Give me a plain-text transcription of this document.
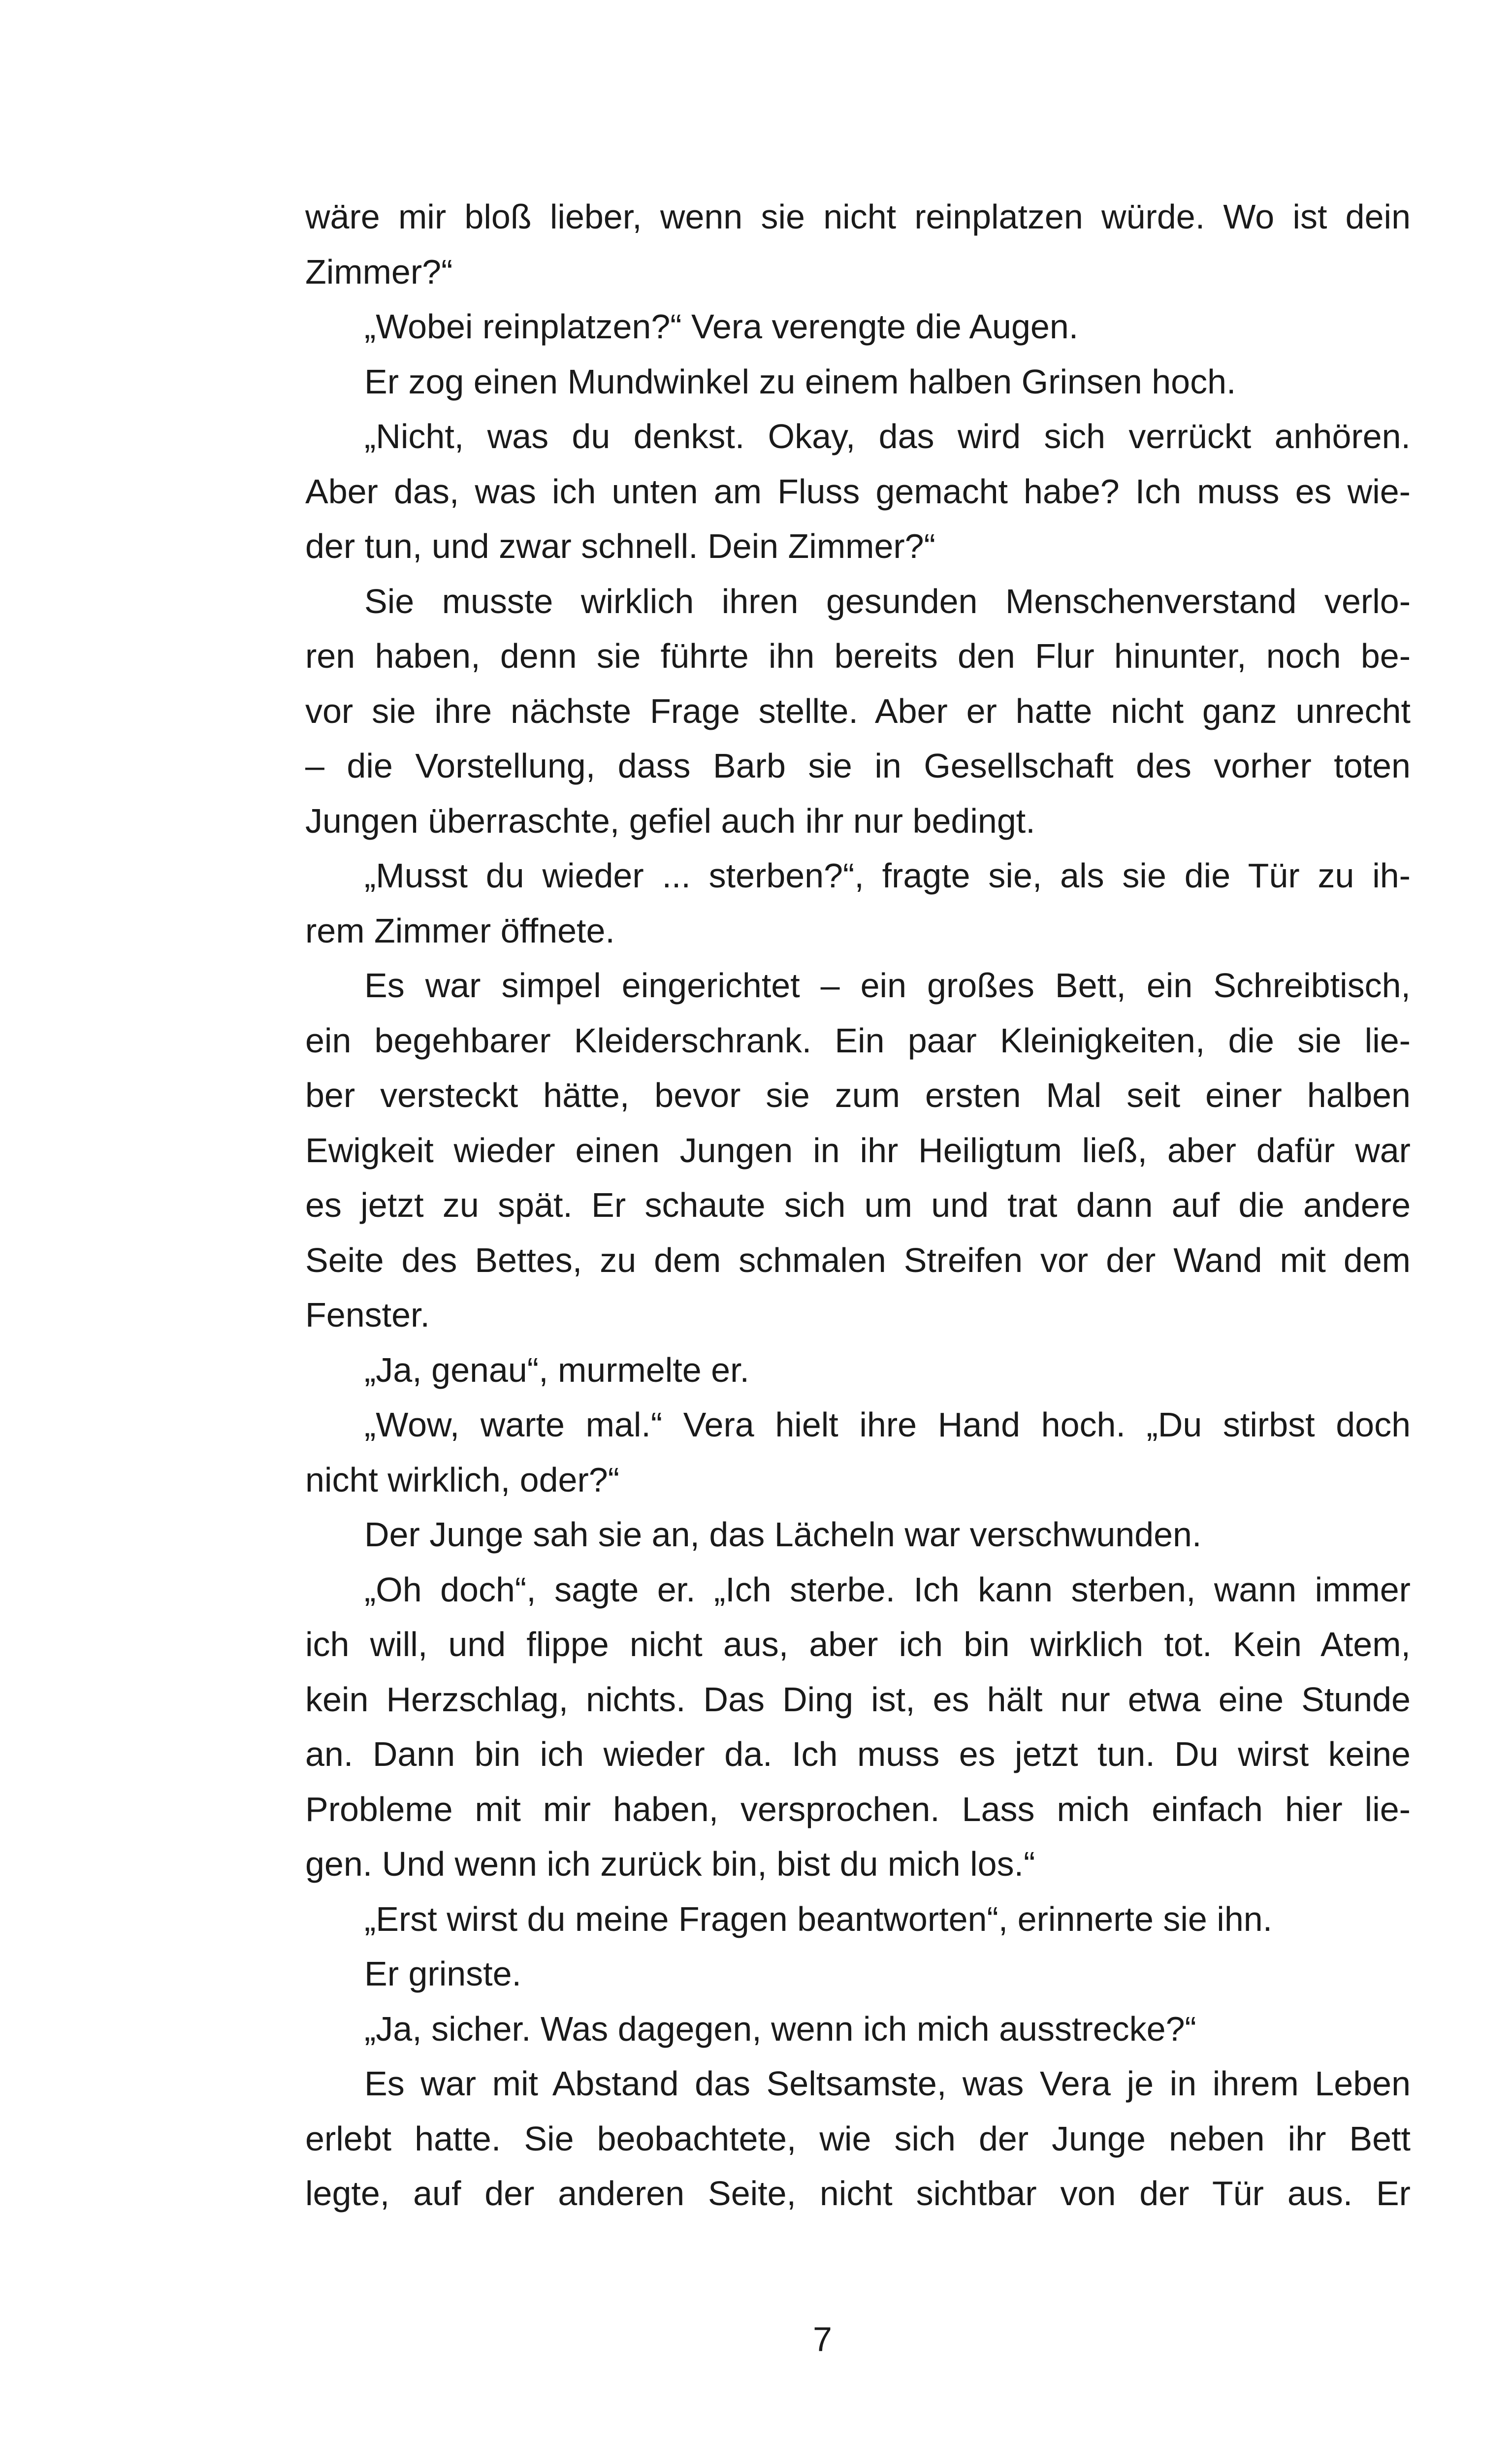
wäre mir bloß lieber, wenn sie nicht reinplatzen würde. Wo ist dein
Zimmer?“
„Wobei reinplatzen?“ Vera verengte die Augen.
Er zog einen Mundwinkel zu einem halben Grinsen hoch.
„Nicht, was du denkst. Okay, das wird sich verrückt anhören.
Aber das, was ich unten am Fluss gemacht habe? Ich muss es wie-
der tun, und zwar schnell. Dein Zimmer?“
Sie musste wirklich ihren gesunden Menschenverstand verlo-
ren haben, denn sie führte ihn bereits den Flur hinunter, noch be-
vor sie ihre nächste Frage stellte. Aber er hatte nicht ganz unrecht
– die Vorstellung, dass Barb sie in Gesellschaft des vorher toten
Jungen überraschte, gefiel auch ihr nur bedingt.
„Musst du wieder ... sterben?“, fragte sie, als sie die Tür zu ih-
rem Zimmer öffnete.
Es war simpel eingerichtet – ein großes Bett, ein Schreibtisch,
ein begehbarer Kleiderschrank. Ein paar Kleinigkeiten, die sie lie-
ber versteckt hätte, bevor sie zum ersten Mal seit einer halben
Ewigkeit wieder einen Jungen in ihr Heiligtum ließ, aber dafür war
es jetzt zu spät. Er schaute sich um und trat dann auf die andere
Seite des Bettes, zu dem schmalen Streifen vor der Wand mit dem
Fenster.
„Ja, genau“, murmelte er.
„Wow, warte mal.“ Vera hielt ihre Hand hoch. „Du stirbst doch
nicht wirklich, oder?“
Der Junge sah sie an, das Lächeln war verschwunden.
„Oh doch“, sagte er. „Ich sterbe. Ich kann sterben, wann immer
ich will, und flippe nicht aus, aber ich bin wirklich tot. Kein Atem,
kein Herzschlag, nichts. Das Ding ist, es hält nur etwa eine Stunde
an. Dann bin ich wieder da. Ich muss es jetzt tun. Du wirst keine
Probleme mit mir haben, versprochen. Lass mich einfach hier lie-
gen. Und wenn ich zurück bin, bist du mich los.“
„Erst wirst du meine Fragen beantworten“, erinnerte sie ihn.
Er grinste.
„Ja, sicher. Was dagegen, wenn ich mich ausstrecke?“
Es war mit Abstand das Seltsamste, was Vera je in ihrem Leben
erlebt hatte. Sie beobachtete, wie sich der Junge neben ihr Bett
legte, auf der anderen Seite, nicht sichtbar von der Tür aus. Er
7
